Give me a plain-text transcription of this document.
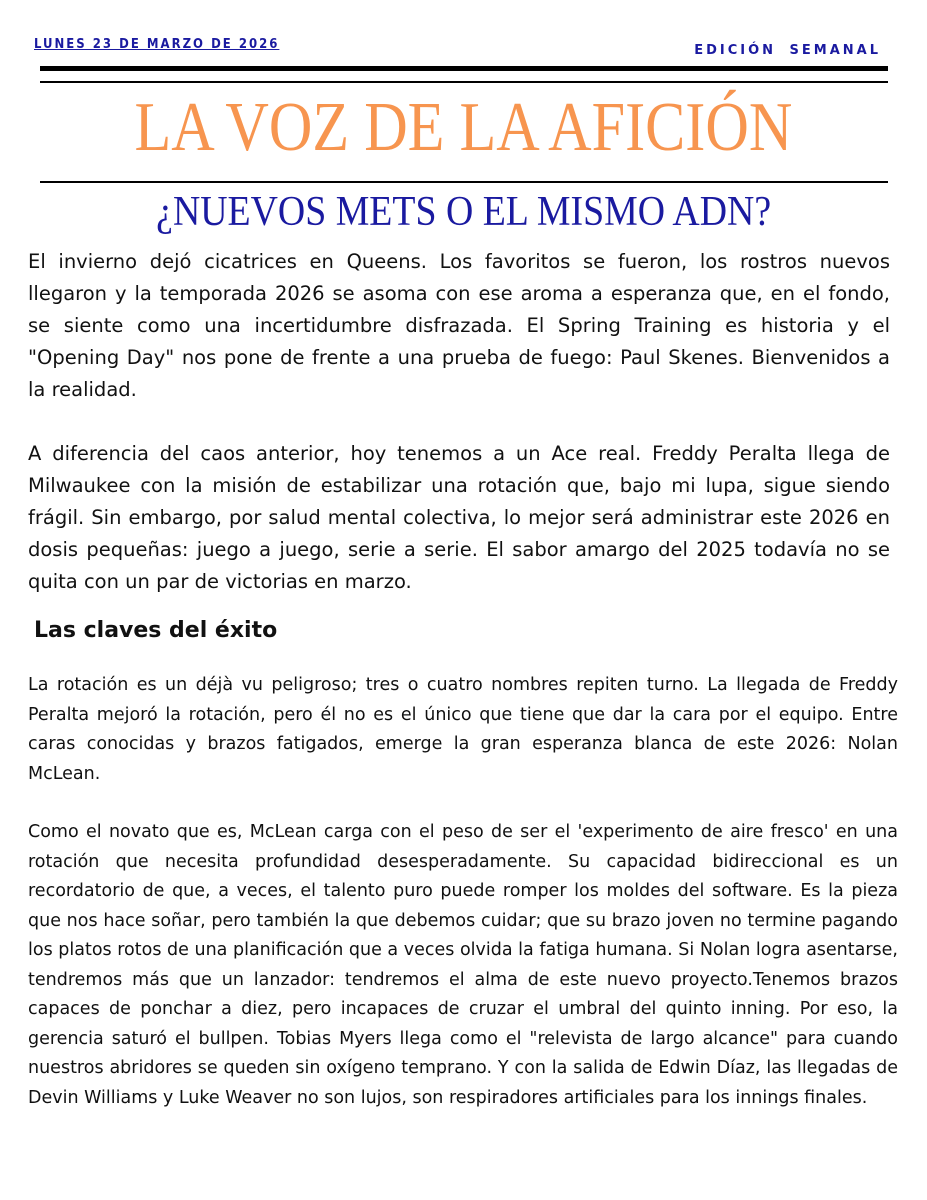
LUNES 23 DE MARZO DE 2026	EDICIÓN SEMANAL
LA VOZ DE LA AFICIÓN
¿NUEVOS METS O EL MISMO ADN?

El invierno dejó cicatrices en Queens. Los favoritos se fueron, los rostros nuevos llegaron y la temporada 2026 se asoma con ese aroma a esperanza que, en el fondo, se siente como una incertidumbre disfrazada. El Spring Training es historia y el "Opening Day" nos pone de frente a una prueba de fuego: Paul Skenes. Bienvenidos a la realidad.

A diferencia del caos anterior, hoy tenemos a un Ace real. Freddy Peralta llega de Milwaukee con la misión de estabilizar una rotación que, bajo mi lupa, sigue siendo frágil. Sin embargo, por salud mental colectiva, lo mejor será administrar este 2026 en dosis pequeñas: juego a juego, serie a serie. El sabor amargo del 2025 todavía no se quita con un par de victorias en marzo.

Las claves del éxito

La rotación es un déjà vu peligroso; tres o cuatro nombres repiten turno. La llegada de Freddy Peralta mejoró la rotación, pero él no es el único que tiene que dar la cara por el equipo. Entre caras conocidas y brazos fatigados, emerge la gran esperanza blanca de este 2026: Nolan McLean.

Como el novato que es, McLean carga con el peso de ser el 'experimento de aire fresco' en una rotación que necesita profundidad desesperadamente. Su capacidad bidireccional es un recordatorio de que, a veces, el talento puro puede romper los moldes del software. Es la pieza que nos hace soñar, pero también la que debemos cuidar; que su brazo joven no termine pagando los platos rotos de una planificación que a veces olvida la fatiga humana. Si Nolan logra asentarse, tendremos más que un lanzador: tendremos el alma de este nuevo proyecto.Tenemos brazos capaces de ponchar a diez, pero incapaces de cruzar el umbral del quinto inning. Por eso, la gerencia saturó el bullpen. Tobias Myers llega como el "relevista de largo alcance" para cuando nuestros abridores se queden sin oxígeno temprano. Y con la salida de Edwin Díaz, las llegadas de Devin Williams y Luke Weaver no son lujos, son respiradores artificiales para los innings finales.
